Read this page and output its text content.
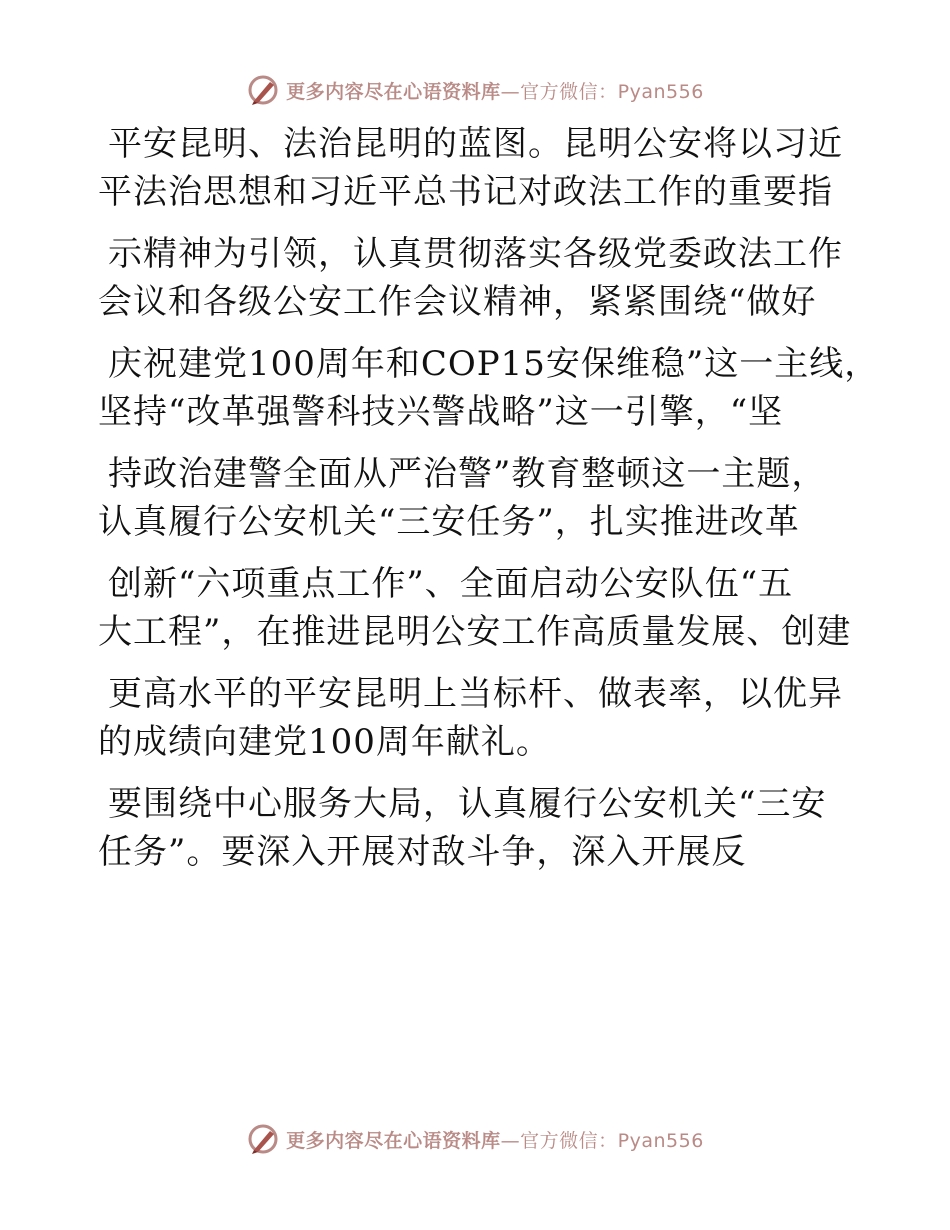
更多内容尽在心语资料库—官方微信：Pyan556
平安昆明、法治昆明的蓝图。昆明公安将以习近
平法治思想和习近平总书记对政法工作的重要指
示精神为引领，认真贯彻落实各级党委政法工作
会议和各级公安工作会议精神，紧紧围绕“做好
庆祝建党100周年和COP15安保维稳”这一主线，
坚持“改革强警科技兴警战略”这一引擎，“坚
持政治建警全面从严治警”教育整顿这一主题，
认真履行公安机关“三安任务”，扎实推进改革
创新“六项重点工作”、全面启动公安队伍“五
大工程”，在推进昆明公安工作高质量发展、创建
更高水平的平安昆明上当标杆、做表率，以优异
的成绩向建党100周年献礼。
要围绕中心服务大局，认真履行公安机关“三安
任务”。要深入开展对敌斗争，深入开展反
更多内容尽在心语资料库—官方微信：Pyan556
